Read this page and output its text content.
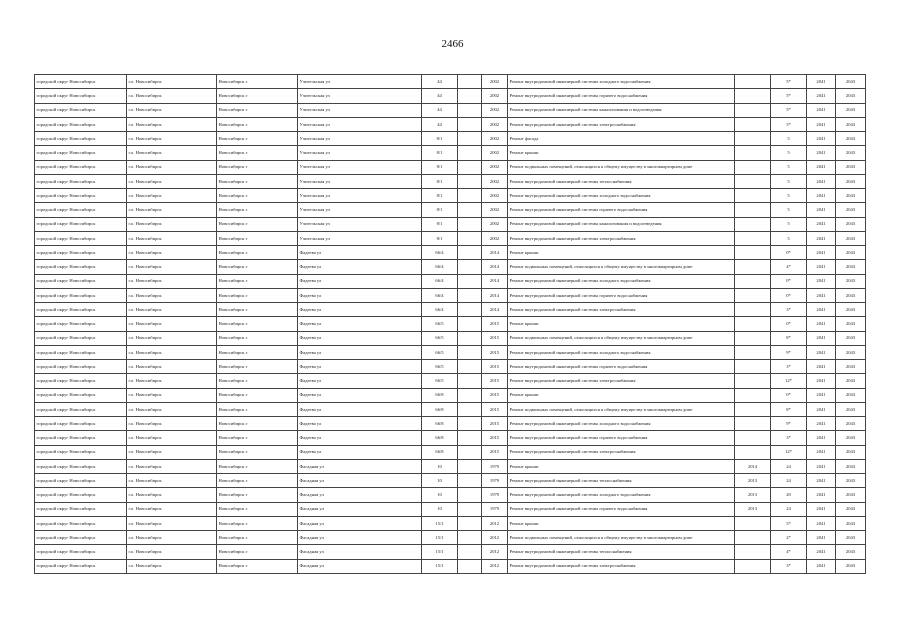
2466
городской округ Новосибирск	г.о. Новосибирск	Новосибирск г	Учительская ул	44		2002	Ремонт внутридомовой инженерной системы холодного водоснабжения		5*	2041	2043
городской округ Новосибирск	г.о. Новосибирск	Новосибирск г	Учительская ул	44		2002	Ремонт внутридомовой инженерной системы горячего водоснабжения		5*	2041	2043
городской округ Новосибирск	г.о. Новосибирск	Новосибирск г	Учительская ул	44		2002	Ремонт внутридомовой инженерной системы канализования и водоотведения		5*	2041	2043
городской округ Новосибирск	г.о. Новосибирск	Новосибирск г	Учительская ул	44		2002	Ремонт внутридомовой инженерной системы электроснабжения		5*	2041	2043
городской округ Новосибирск	г.о. Новосибирск	Новосибирск г	Учительская ул	8/1		2002	Ремонт фасада		5	2041	2043
городской округ Новосибирск	г.о. Новосибирск	Новосибирск г	Учительская ул	8/1		2002	Ремонт крыши		5	2041	2043
городской округ Новосибирск	г.о. Новосибирск	Новосибирск г	Учительская ул	8/1		2002	Ремонт подвальных помещений, относящихся к общему имуществу в многоквартирном доме		5	2041	2043
городской округ Новосибирск	г.о. Новосибирск	Новосибирск г	Учительская ул	8/1		2002	Ремонт внутридомовой инженерной системы теплоснабжения		5	2041	2043
городской округ Новосибирск	г.о. Новосибирск	Новосибирск г	Учительская ул	8/1		2002	Ремонт внутридомовой инженерной системы холодного водоснабжения		5	2041	2043
городской округ Новосибирск	г.о. Новосибирск	Новосибирск г	Учительская ул	8/1		2002	Ремонт внутридомовой инженерной системы горячего водоснабжения		5	2041	2043
городской округ Новосибирск	г.о. Новосибирск	Новосибирск г	Учительская ул	8/1		2002	Ремонт внутридомовой инженерной системы канализования и водоотведения		5	2041	2043
городской округ Новосибирск	г.о. Новосибирск	Новосибирск г	Учительская ул	8/1		2002	Ремонт внутридомовой инженерной системы электроснабжения		5	2041	2043
городской округ Новосибирск	г.о. Новосибирск	Новосибирск г	Фадеева ул	66/4		2014	Ремонт крыши		0*	2041	2043
городской округ Новосибирск	г.о. Новосибирск	Новосибирск г	Фадеева ул	66/4		2014	Ремонт подвальных помещений, относящихся к общему имуществу в многоквартирном доме		4*	2041	2043
городской округ Новосибирск	г.о. Новосибирск	Новосибирск г	Фадеева ул	66/4		2014	Ремонт внутридомовой инженерной системы холодного водоснабжения		0*	2041	2043
городской округ Новосибирск	г.о. Новосибирск	Новосибирск г	Фадеева ул	66/4		2014	Ремонт внутридомовой инженерной системы горячего водоснабжения		0*	2041	2043
городской округ Новосибирск	г.о. Новосибирск	Новосибирск г	Фадеева ул	66/4		2014	Ремонт внутридомовой инженерной системы электроснабжения		3*	2041	2043
городской округ Новосибирск	г.о. Новосибирск	Новосибирск г	Фадеева ул	66/5		2015	Ремонт крыши		0*	2041	2043
городской округ Новосибирск	г.о. Новосибирск	Новосибирск г	Фадеева ул	66/5		2015	Ремонт подвальных помещений, относящихся к общему имуществу в многоквартирном доме		8*	2041	2043
городской округ Новосибирск	г.о. Новосибирск	Новосибирск г	Фадеева ул	66/5		2015	Ремонт внутридомовой инженерной системы холодного водоснабжения		9*	2041	2043
городской округ Новосибирск	г.о. Новосибирск	Новосибирск г	Фадеева ул	66/5		2015	Ремонт внутридомовой инженерной системы горячего водоснабжения		3*	2041	2043
городской округ Новосибирск	г.о. Новосибирск	Новосибирск г	Фадеева ул	66/5		2015	Ремонт внутридомовой инженерной системы электроснабжения		12*	2041	2043
городской округ Новосибирск	г.о. Новосибирск	Новосибирск г	Фадеева ул	66/8		2015	Ремонт крыши		0*	2041	2043
городской округ Новосибирск	г.о. Новосибирск	Новосибирск г	Фадеева ул	66/8		2015	Ремонт подвальных помещений, относящихся к общему имуществу в многоквартирном доме		8*	2041	2043
городской округ Новосибирск	г.о. Новосибирск	Новосибирск г	Фадеева ул	66/8		2015	Ремонт внутридомовой инженерной системы холодного водоснабжения		9*	2041	2043
городской округ Новосибирск	г.о. Новосибирск	Новосибирск г	Фадеева ул	66/8		2015	Ремонт внутридомовой инженерной системы горячего водоснабжения		3*	2041	2043
городской округ Новосибирск	г.о. Новосибирск	Новосибирск г	Фадеева ул	66/8		2015	Ремонт внутридомовой инженерной системы электроснабжения		12*	2041	2043
городской округ Новосибирск	г.о. Новосибирск	Новосибирск г	Фасадная ул	10		1979	Ремонт крыши	2014	24	2041	2043
городской округ Новосибирск	г.о. Новосибирск	Новосибирск г	Фасадная ул	10		1979	Ремонт внутридомовой инженерной системы теплоснабжения	2013	24	2041	2043
городской округ Новосибирск	г.о. Новосибирск	Новосибирск г	Фасадная ул	10		1979	Ремонт внутридомовой инженерной системы холодного водоснабжения	2013	20	2041	2043
городской округ Новосибирск	г.о. Новосибирск	Новосибирск г	Фасадная ул	10		1979	Ремонт внутридомовой инженерной системы горячего водоснабжения	2013	24	2041	2043
городской округ Новосибирск	г.о. Новосибирск	Новосибирск г	Фасадная ул	15/1		2012	Ремонт крыши		5*	2041	2043
городской округ Новосибирск	г.о. Новосибирск	Новосибирск г	Фасадная ул	15/1		2012	Ремонт подвальных помещений, относящихся к общему имуществу в многоквартирном доме		2*	2041	2043
городской округ Новосибирск	г.о. Новосибирск	Новосибирск г	Фасадная ул	15/1		2012	Ремонт внутридомовой инженерной системы теплоснабжения		4*	2041	2043
городской округ Новосибирск	г.о. Новосибирск	Новосибирск г	Фасадная ул	15/1		2012	Ремонт внутридомовой инженерной системы электроснабжения		3*	2041	2043
